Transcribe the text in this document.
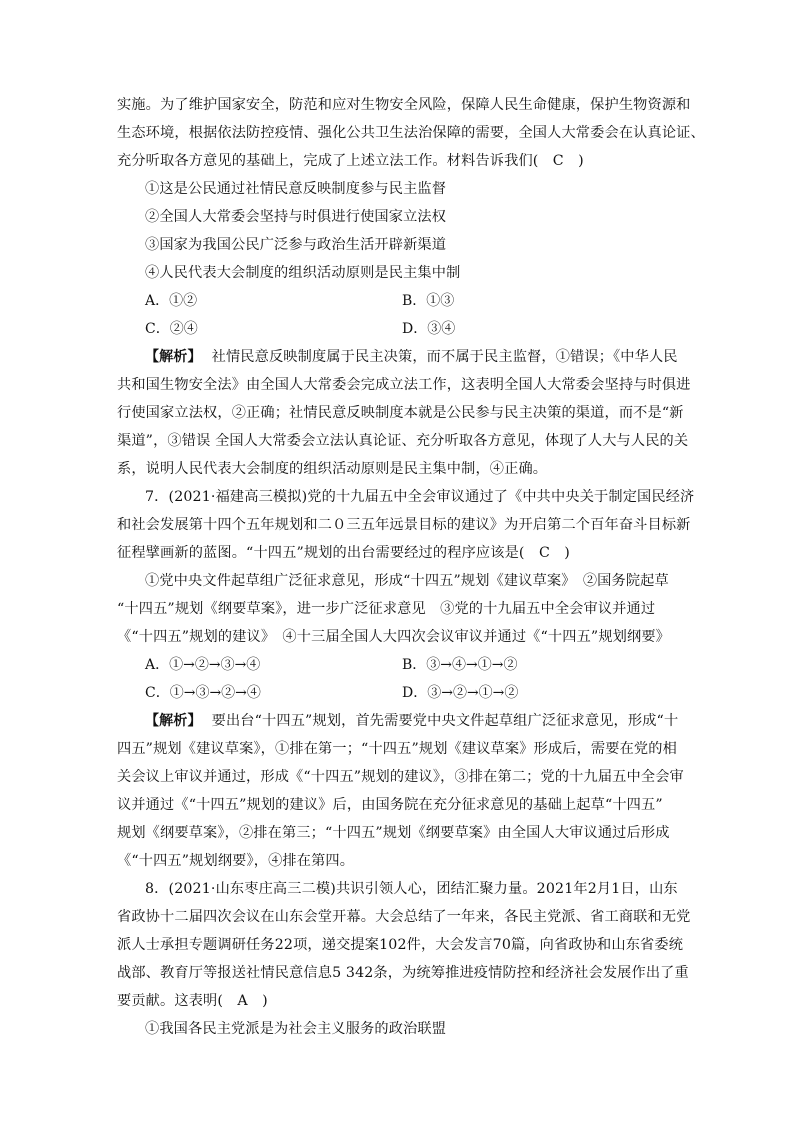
实施。为了维护国家安全，防范和应对生物安全风险，保障人民生命健康，保护生物资源和
生态环境，根据依法防控疫情、强化公共卫生法治保障的需要，全国人大常委会在认真论证、
充分听取各方意见的基础上，完成了上述立法工作。材料告诉我们(　C　)
①这是公民通过社情民意反映制度参与民主监督
②全国人大常委会坚持与时俱进行使国家立法权
③国家为我国公民广泛参与政治生活开辟新渠道
④人民代表大会制度的组织活动原则是民主集中制
A．①②	B．①③
C．②④	D．③④
【解析】 社情民意反映制度属于民主决策，而不属于民主监督，①错误；《中华人民
共和国生物安全法》由全国人大常委会完成立法工作，这表明全国人大常委会坚持与时俱进
行使国家立法权，②正确；社情民意反映制度本就是公民参与民主决策的渠道，而不是“新
渠道”，③错误 全国人大常委会立法认真论证、充分听取各方意见，体现了人大与人民的关
系，说明人民代表大会制度的组织活动原则是民主集中制，④正确。
7．(2021·福建高三模拟)党的十九届五中全会审议通过了《中共中央关于制定国民经济
和社会发展第十四个五年规划和二０三五年远景目标的建议》为开启第二个百年奋斗目标新
征程擘画新的蓝图。“十四五”规划的出台需要经过的程序应该是(　C　)
①党中央文件起草组广泛征求意见，形成“十四五”规划《建议草案》　②国务院起草
“十四五”规划《纲要草案》，进一步广泛征求意见　③党的十九届五中全会审议并通过
《“十四五”规划的建议》　④十三届全国人大四次会议审议并通过《“十四五”规划纲要》
A．①→②→③→④	B．③→④→①→②
C．①→③→②→④	D．③→②→①→②
【解析】 要出台“十四五”规划，首先需要党中央文件起草组广泛征求意见，形成“十
四五”规划《建议草案》，①排在第一；“十四五”规划《建议草案》形成后，需要在党的相
关会议上审议并通过，形成《“十四五”规划的建议》，③排在第二；党的十九届五中全会审
议并通过《“十四五”规划的建议》后，由国务院在充分征求意见的基础上起草“十四五”
规划《纲要草案》，②排在第三；“十四五”规划《纲要草案》由全国人大审议通过后形成
《“十四五”规划纲要》，④排在第四。
8．(2021·山东枣庄高三二模)共识引领人心，团结汇聚力量。2021年2月1日，山东
省政协十二届四次会议在山东会堂开幕。大会总结了一年来，各民主党派、省工商联和无党
派人士承担专题调研任务22项，递交提案102件，大会发言70篇，向省政协和山东省委统
战部、教育厅等报送社情民意信息5 342条，为统筹推进疫情防控和经济社会发展作出了重
要贡献。这表明(　A　)
①我国各民主党派是为社会主义服务的政治联盟
